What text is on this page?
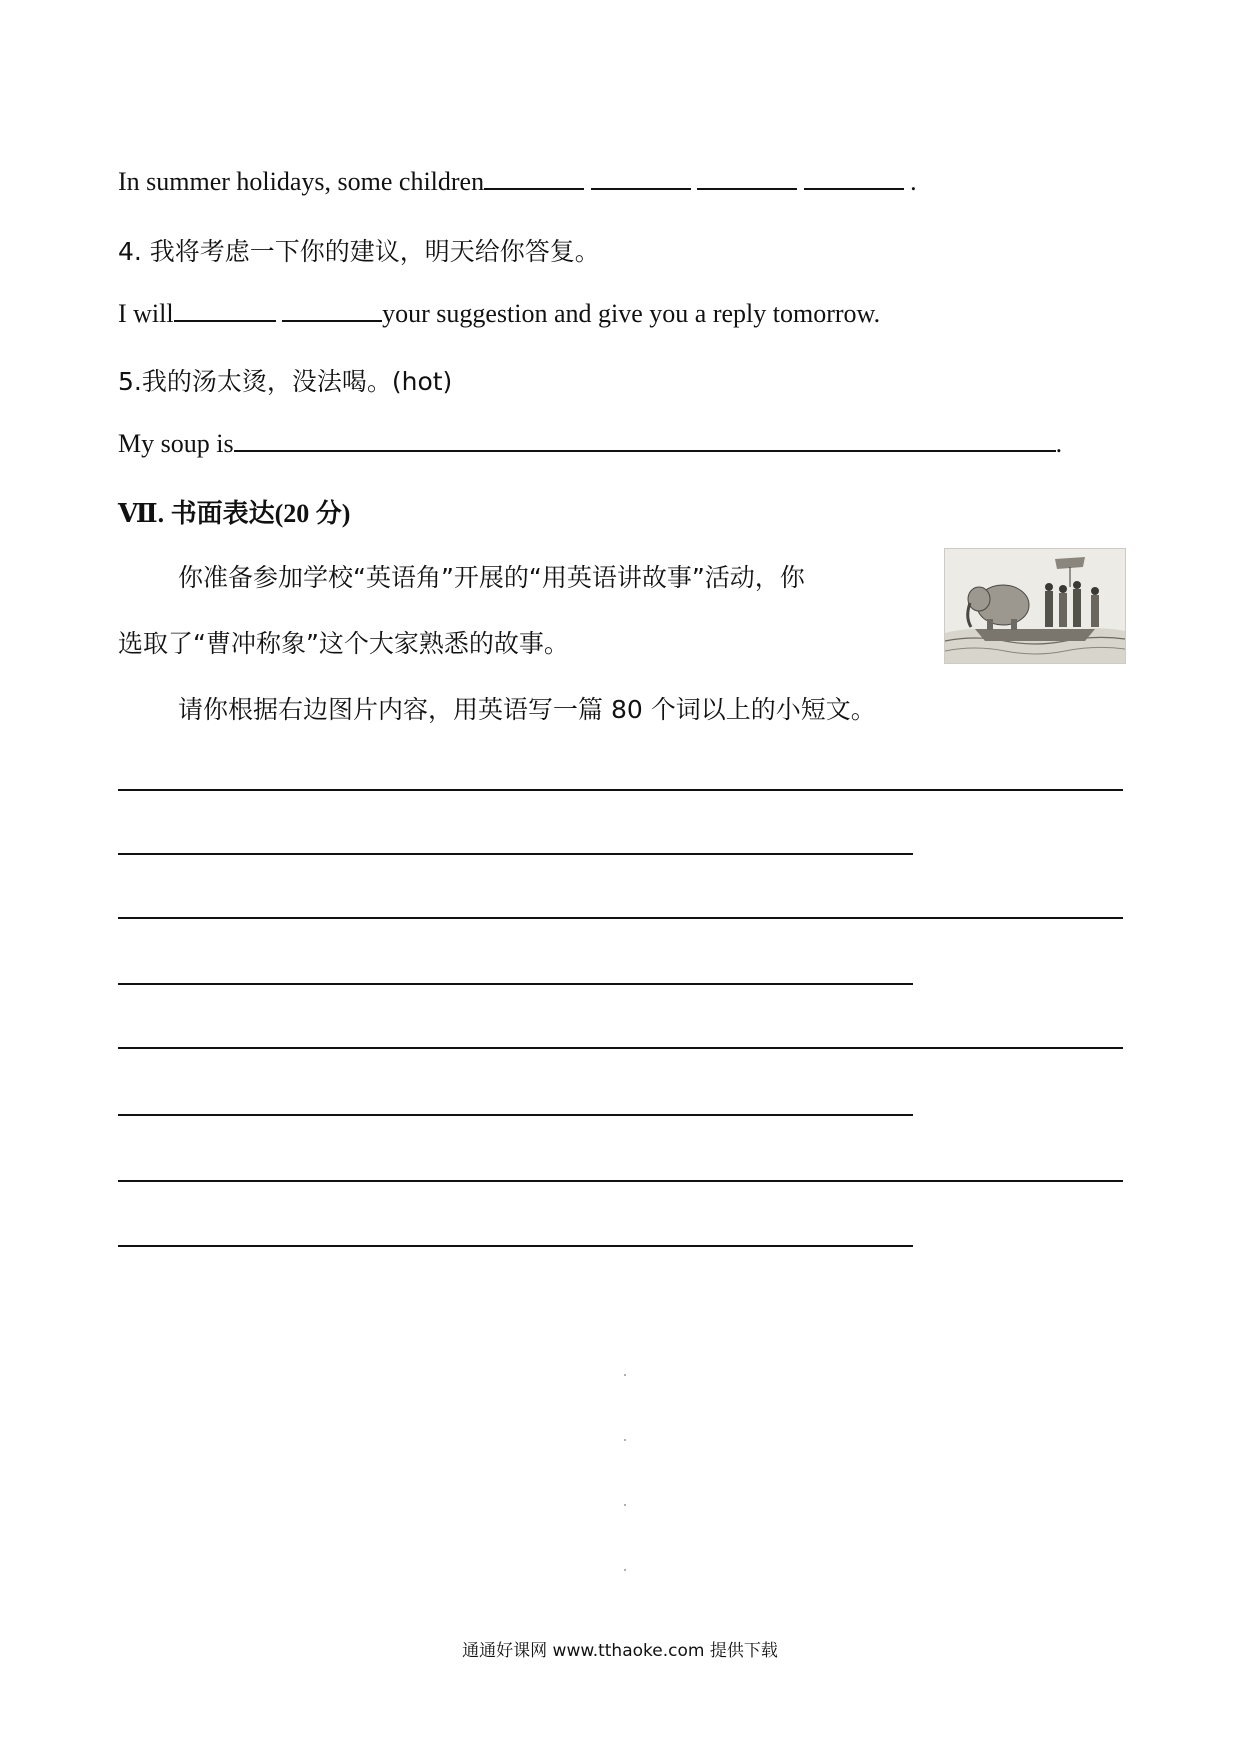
In summer holidays, some children	.
4. 我将考虑一下你的建议，明天给你答复。
I will	your suggestion and give you a reply tomorrow.
5.我的汤太烫，没法喝。(hot)
My soup is	.
Ⅶ. 书面表达(20 分)
你准备参加学校“英语角”开展的“用英语讲故事”活动，你
选取了“曹冲称象”这个大家熟悉的故事。
请你根据右边图片内容，用英语写一篇 80 个词以上的小短文。
通通好课网 www.tthaoke.com 提供下载
